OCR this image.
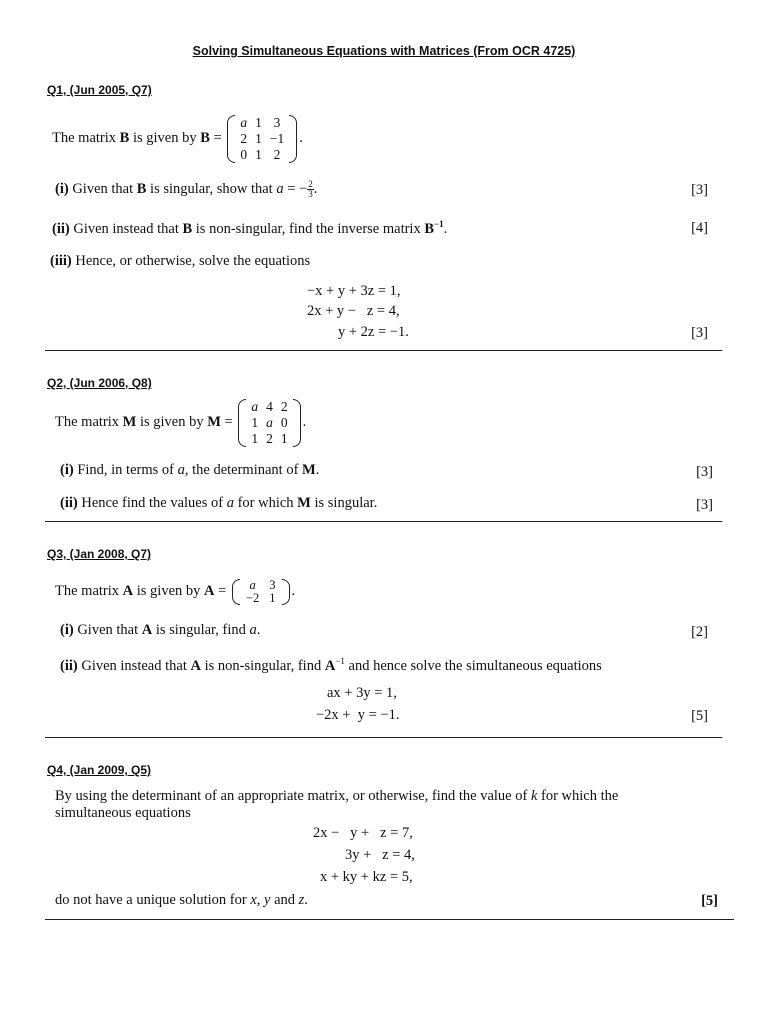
Solving Simultaneous Equations with Matrices (From OCR 4725)
Q1, (Jun 2005, Q7)
The matrix B is given by B =
a	1	3
2	1	−1
0	1	2
.
(i) Given that B is singular, show that a = − $\frac{2}{3}$ .	[3]
(ii) Given instead that B is non-singular, find the inverse matrix $B^{-1}$.	[4]
(iii) Hence, or otherwise, solve the equations
−x + y + 3z = 1,
2x + y −   z = 4,
y + 2z = −1.	[3]
Q2, (Jun 2006, Q8)
The matrix M is given by M =
a	4	2
1	a	0
1	2	1
.
(i) Find, in terms of a, the determinant of M.	[3]
(ii) Hence find the values of a for which M is singular.	[3]
Q3, (Jan 2008, Q7)
The matrix A is given by A = a	3
−2	1 .
(i) Given that A is singular, find a.	[2]
(ii) Given instead that A is non-singular, find $A^{-1}$ and hence solve the simultaneous equations
ax + 3y = 1,
−2x +  y = −1.	[5]
Q4, (Jan 2009, Q5)
By using the determinant of an appropriate matrix, or otherwise, find the value of k for which the
simultaneous equations
2x −   y +   z = 7,
3y +   z = 4,
x + ky + kz = 5,
do not have a unique solution for x, y and z.	[5]
